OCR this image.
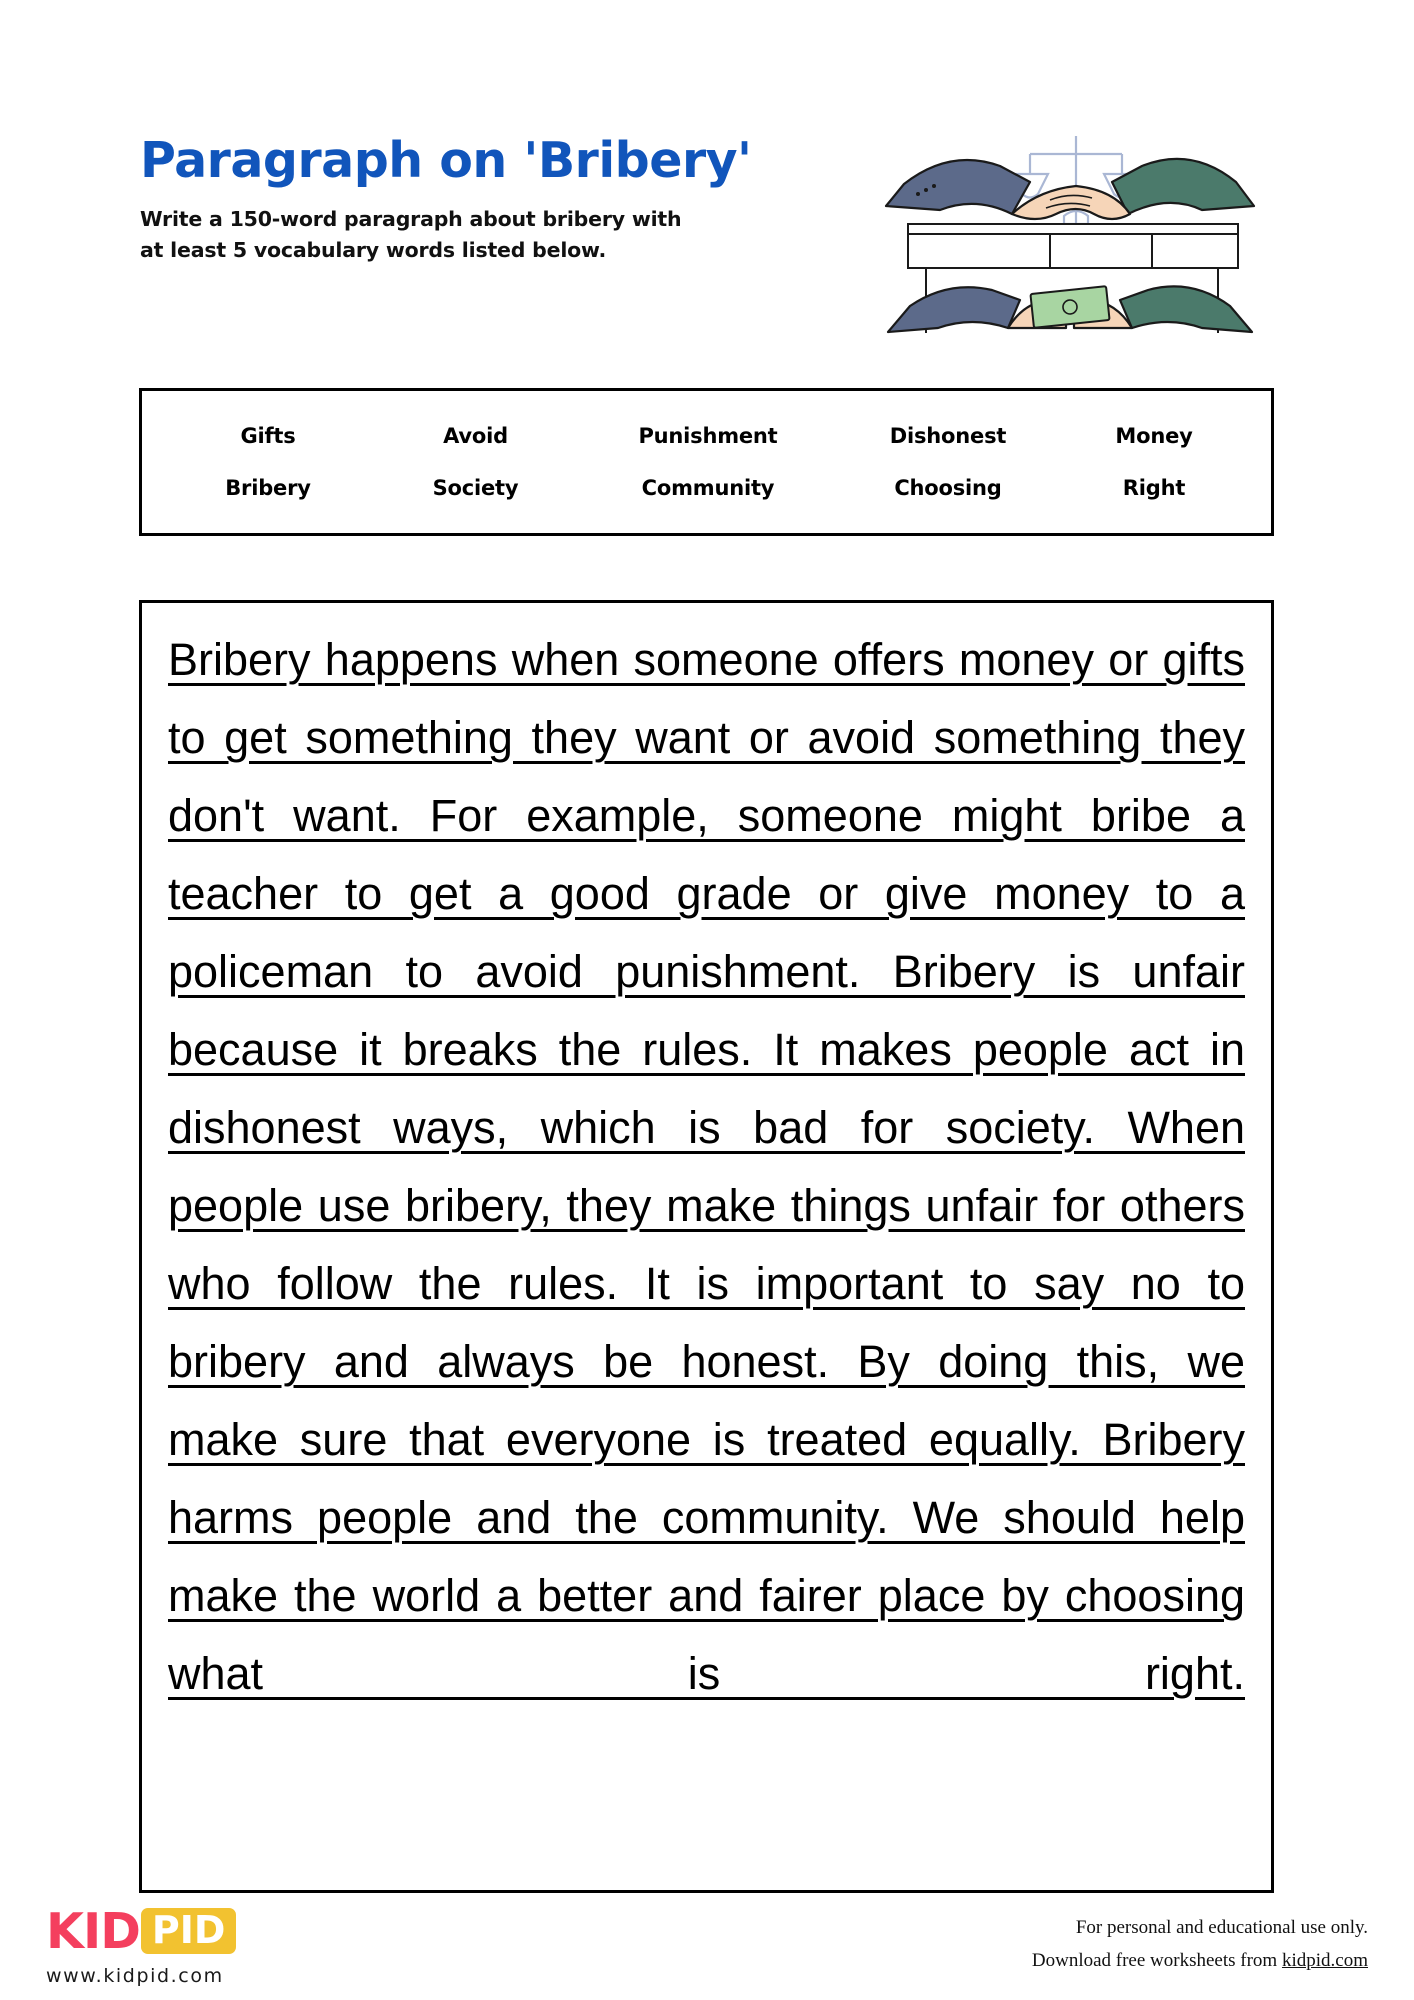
Paragraph on 'Bribery'
Write a 150-word paragraph about bribery with
at least 5 vocabulary words listed below.
Gifts	Avoid	Punishment	Dishonest	Money
Bribery	Society	Community	Choosing	Right
Bribery happens when someone offers money or gifts to get something they want or avoid something they don't want. For example, someone might bribe a teacher to get a good grade or give money to a policeman to avoid punishment. Bribery is unfair because it breaks the rules. It makes people act in dishonest ways, which is bad for society. When people use bribery, they make things unfair for others who follow the rules. It is important to say no to bribery and always be honest. By doing this, we make sure that everyone is treated equally. Bribery harms people and the community. We should help make the world a better and fairer place by choosing what is right.
KID PID
www.kidpid.com
For personal and educational use only.
Download free worksheets from kidpid.com
